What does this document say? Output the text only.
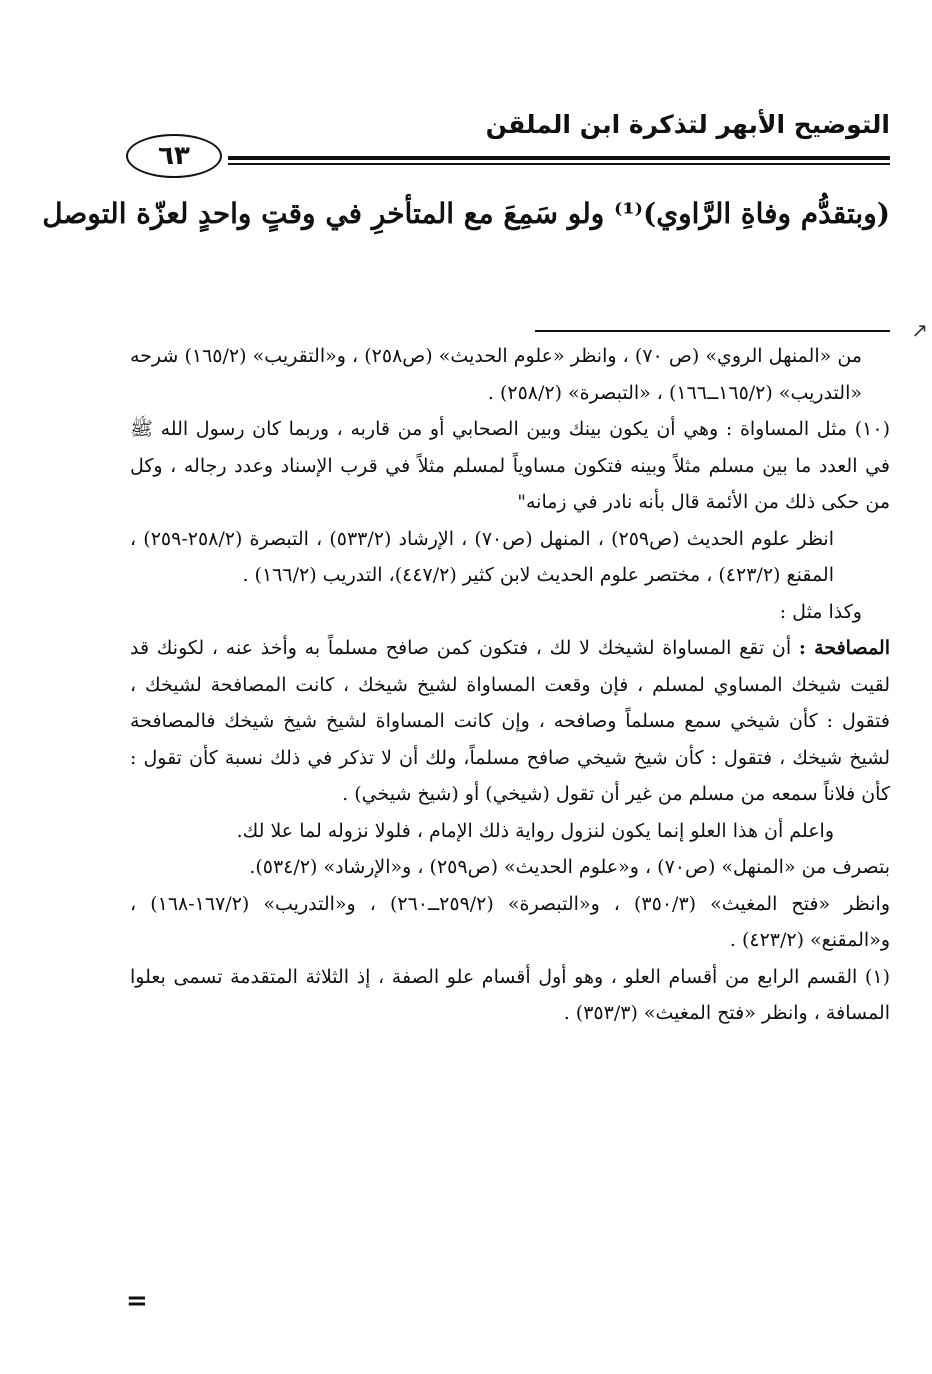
التوضيح الأبهر لتذكرة ابن الملقن
٦٣
(وبتقدُّم وفاةِ الرَّاوي)⁽¹⁾ ولو سَمِعَ مع المتأخرِ في وقتٍ واحدٍ لعزّة التوصل
↗

من «المنهل الروي» (ص ٧٠) ، وانظر «علوم الحديث» (ص٢٥٨) ، و«التقريب» (١٦٥/٢) شرحه «التدريب» (١٦٥/٢ــ١٦٦) ، «التبصرة» (٢٥٨/٢) .

(١٠) مثل المساواة : وهي أن يكون بينك وبين الصحابي أو من قاربه ، وربما كان رسول الله ﷺ في العدد ما بين مسلم مثلاً وبينه فتكون مساوياً لمسلم مثلاً في قرب الإسناد وعدد رجاله ، وكل من حكى ذلك من الأئمة قال بأنه نادر في زمانه"

انظر علوم الحديث (ص٢٥٩) ، المنهل (ص٧٠) ، الإرشاد (٥٣٣/٢) ، التبصرة (٢٥٨/٢-٢٥٩) ، المقنع (٤٢٣/٢) ، مختصر علوم الحديث لابن كثير (٤٤٧/٢)، التدريب (١٦٦/٢) .

وكذا مثل :

المصافحة : أن تقع المساواة لشيخك لا لك ، فتكون كمن صافح مسلماً به وأخذ عنه ، لكونك قد لقيت شيخك المساوي لمسلم ، فإن وقعت المساواة لشيخ شيخك ، كانت المصافحة لشيخك ، فتقول : كأن شيخي سمع مسلماً وصافحه ، وإن كانت المساواة لشيخ شيخ شيخك فالمصافحة لشيخ شيخك ، فتقول : كأن شيخ شيخي صافح مسلماً، ولك أن لا تذكر في ذلك نسبة كأن تقول : كأن فلاناً سمعه من مسلم من غير أن تقول (شيخي) أو (شيخ شيخي) .

واعلم أن هذا العلو إنما يكون لنزول رواية ذلك الإمام ، فلولا نزوله لما علا لك.

بتصرف من «المنهل» (ص٧٠) ، و«علوم الحديث» (ص٢٥٩) ، و«الإرشاد» (٥٣٤/٢).

وانظر «فتح المغيث» (٣٥٠/٣) ، و«التبصرة» (٢٥٩/٢ــ٢٦٠) ، و«التدريب» (١٦٧/٢-١٦٨) ، و«المقنع» (٤٢٣/٢) .

(١) القسم الرابع من أقسام العلو ، وهو أول أقسام علو الصفة ، إذ الثلاثة المتقدمة تسمى بعلوا المسافة ، وانظر «فتح المغيث» (٣٥٣/٣) .

=
